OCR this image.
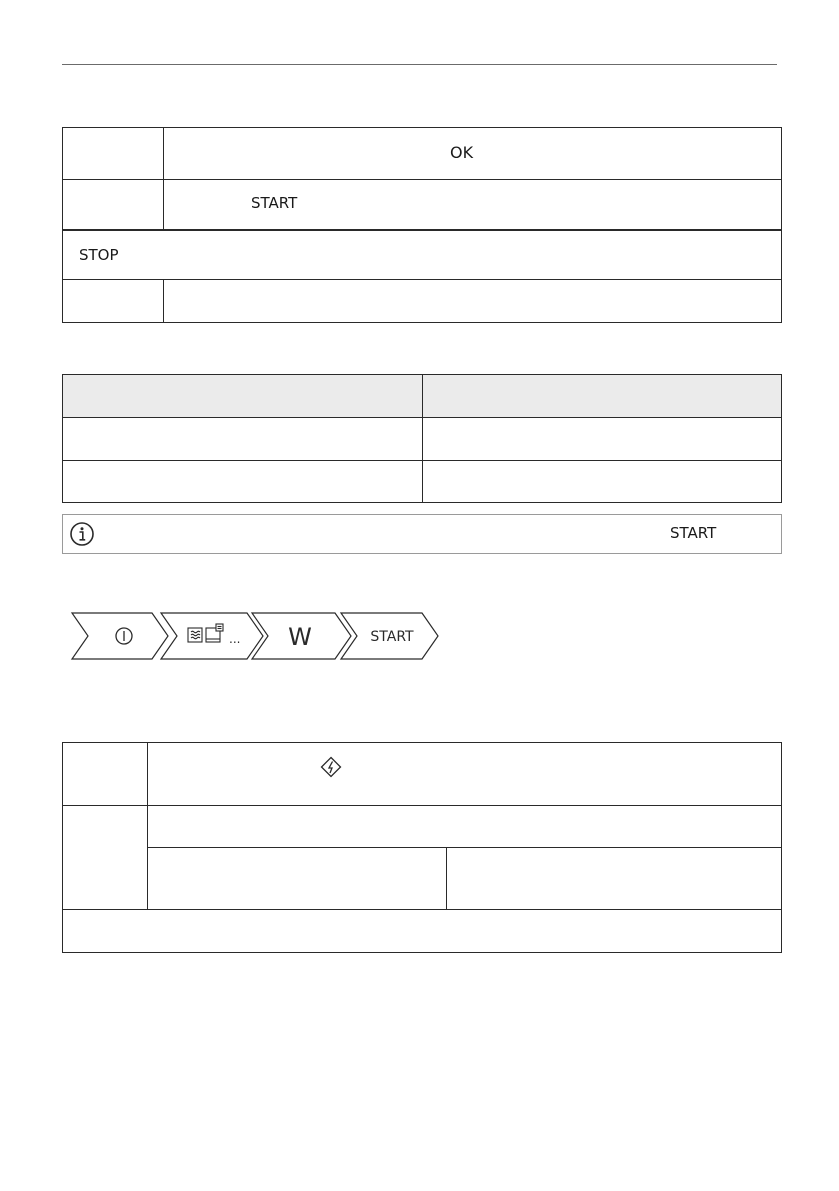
OK
START
STOP
START
... W	START
